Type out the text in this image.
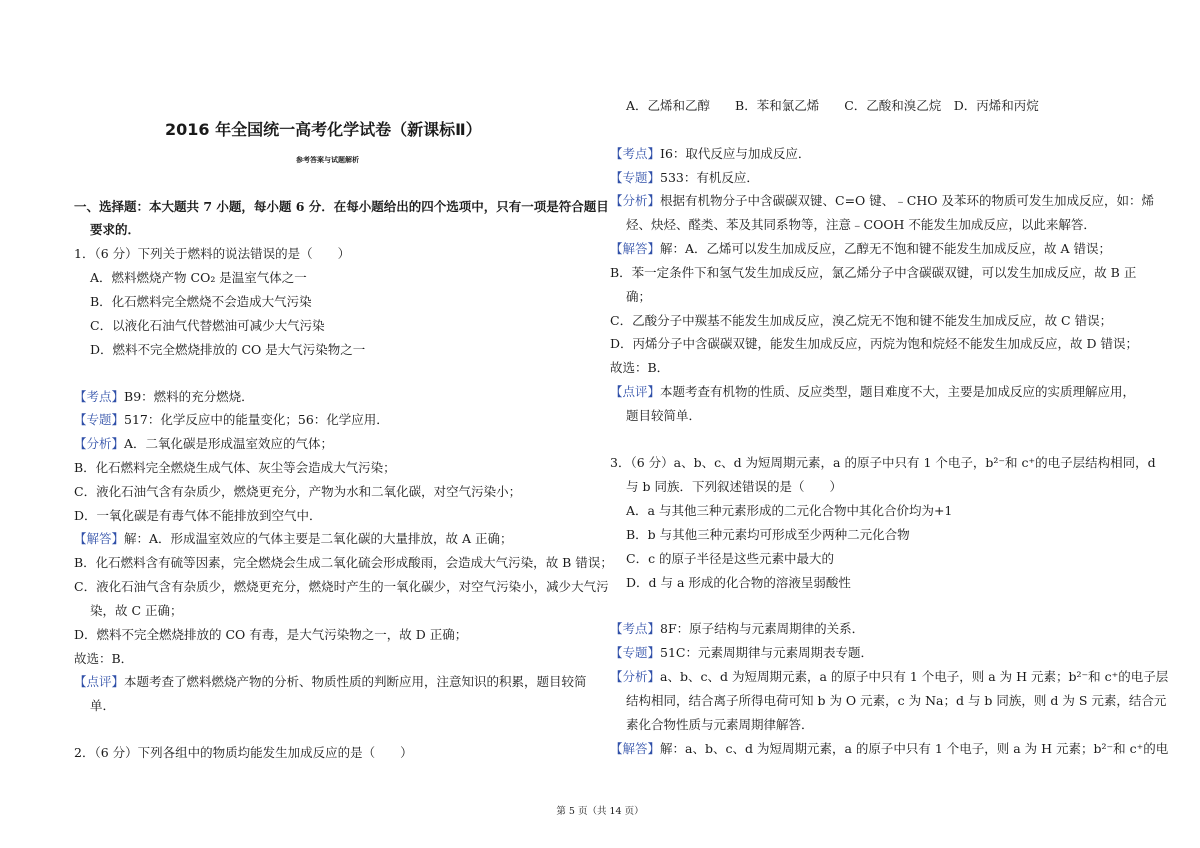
2016 年全国统一高考化学试卷（新课标Ⅱ）
参考答案与试题解析
一、选择题：本大题共 7 小题，每小题 6 分．在每小题给出的四个选项中，只有一项是符合题目
要求的．
1．（6 分）下列关于燃料的说法错误的是（　　）
A．燃料燃烧产物 CO₂ 是温室气体之一
B．化石燃料完全燃烧不会造成大气污染
C．以液化石油气代替燃油可减少大气污染
D．燃料不完全燃烧排放的 CO 是大气污染物之一
【考点】B9：燃料的充分燃烧．
【专题】517：化学反应中的能量变化；56：化学应用．
【分析】A．二氧化碳是形成温室效应的气体；
B．化石燃料完全燃烧生成气体、灰尘等会造成大气污染；
C．液化石油气含有杂质少，燃烧更充分，产物为水和二氧化碳，对空气污染小；
D．一氧化碳是有毒气体不能排放到空气中．
【解答】解：A．形成温室效应的气体主要是二氧化碳的大量排放，故 A 正确；
B．化石燃料含有硫等因素，完全燃烧会生成二氧化硫会形成酸雨，会造成大气污染，故 B 错误；
C．液化石油气含有杂质少，燃烧更充分，燃烧时产生的一氧化碳少，对空气污染小，减少大气污
染，故 C 正确；
D．燃料不完全燃烧排放的 CO 有毒，是大气污染物之一，故 D 正确；
故选：B．
【点评】本题考查了燃料燃烧产物的分析、物质性质的判断应用，注意知识的积累，题目较简
单．
2．（6 分）下列各组中的物质均能发生加成反应的是（　　）
A．乙烯和乙醇　　B．苯和氯乙烯　　C．乙酸和溴乙烷　D．丙烯和丙烷
【考点】I6：取代反应与加成反应．
【专题】533：有机反应．
【分析】根据有机物分子中含碳碳双键、C=O 键、﹣CHO 及苯环的物质可发生加成反应，如：烯
烃、炔烃、醛类、苯及其同系物等，注意﹣COOH 不能发生加成反应，以此来解答．
【解答】解：A．乙烯可以发生加成反应，乙醇无不饱和键不能发生加成反应，故 A 错误；
B．苯一定条件下和氢气发生加成反应，氯乙烯分子中含碳碳双键，可以发生加成反应，故 B 正
确；
C．乙酸分子中羰基不能发生加成反应，溴乙烷无不饱和键不能发生加成反应，故 C 错误；
D．丙烯分子中含碳碳双键，能发生加成反应，丙烷为饱和烷烃不能发生加成反应，故 D 错误；
故选：B．
【点评】本题考查有机物的性质、反应类型，题目难度不大，主要是加成反应的实质理解应用，
题目较简单．
3．（6 分）a、b、c、d 为短周期元素，a 的原子中只有 1 个电子，b²⁻和 c⁺的电子层结构相同，d
与 b 同族．下列叙述错误的是（　　）
A．a 与其他三种元素形成的二元化合物中其化合价均为+1
B．b 与其他三种元素均可形成至少两种二元化合物
C．c 的原子半径是这些元素中最大的
D．d 与 a 形成的化合物的溶液呈弱酸性
【考点】8F：原子结构与元素周期律的关系．
【专题】51C：元素周期律与元素周期表专题．
【分析】a、b、c、d 为短周期元素，a 的原子中只有 1 个电子，则 a 为 H 元素；b²⁻和 c⁺的电子层
结构相同，结合离子所得电荷可知 b 为 O 元素，c 为 Na；d 与 b 同族，则 d 为 S 元素，结合元
素化合物性质与元素周期律解答．
【解答】解：a、b、c、d 为短周期元素，a 的原子中只有 1 个电子，则 a 为 H 元素；b²⁻和 c⁺的电
第 5 页（共 14 页）
